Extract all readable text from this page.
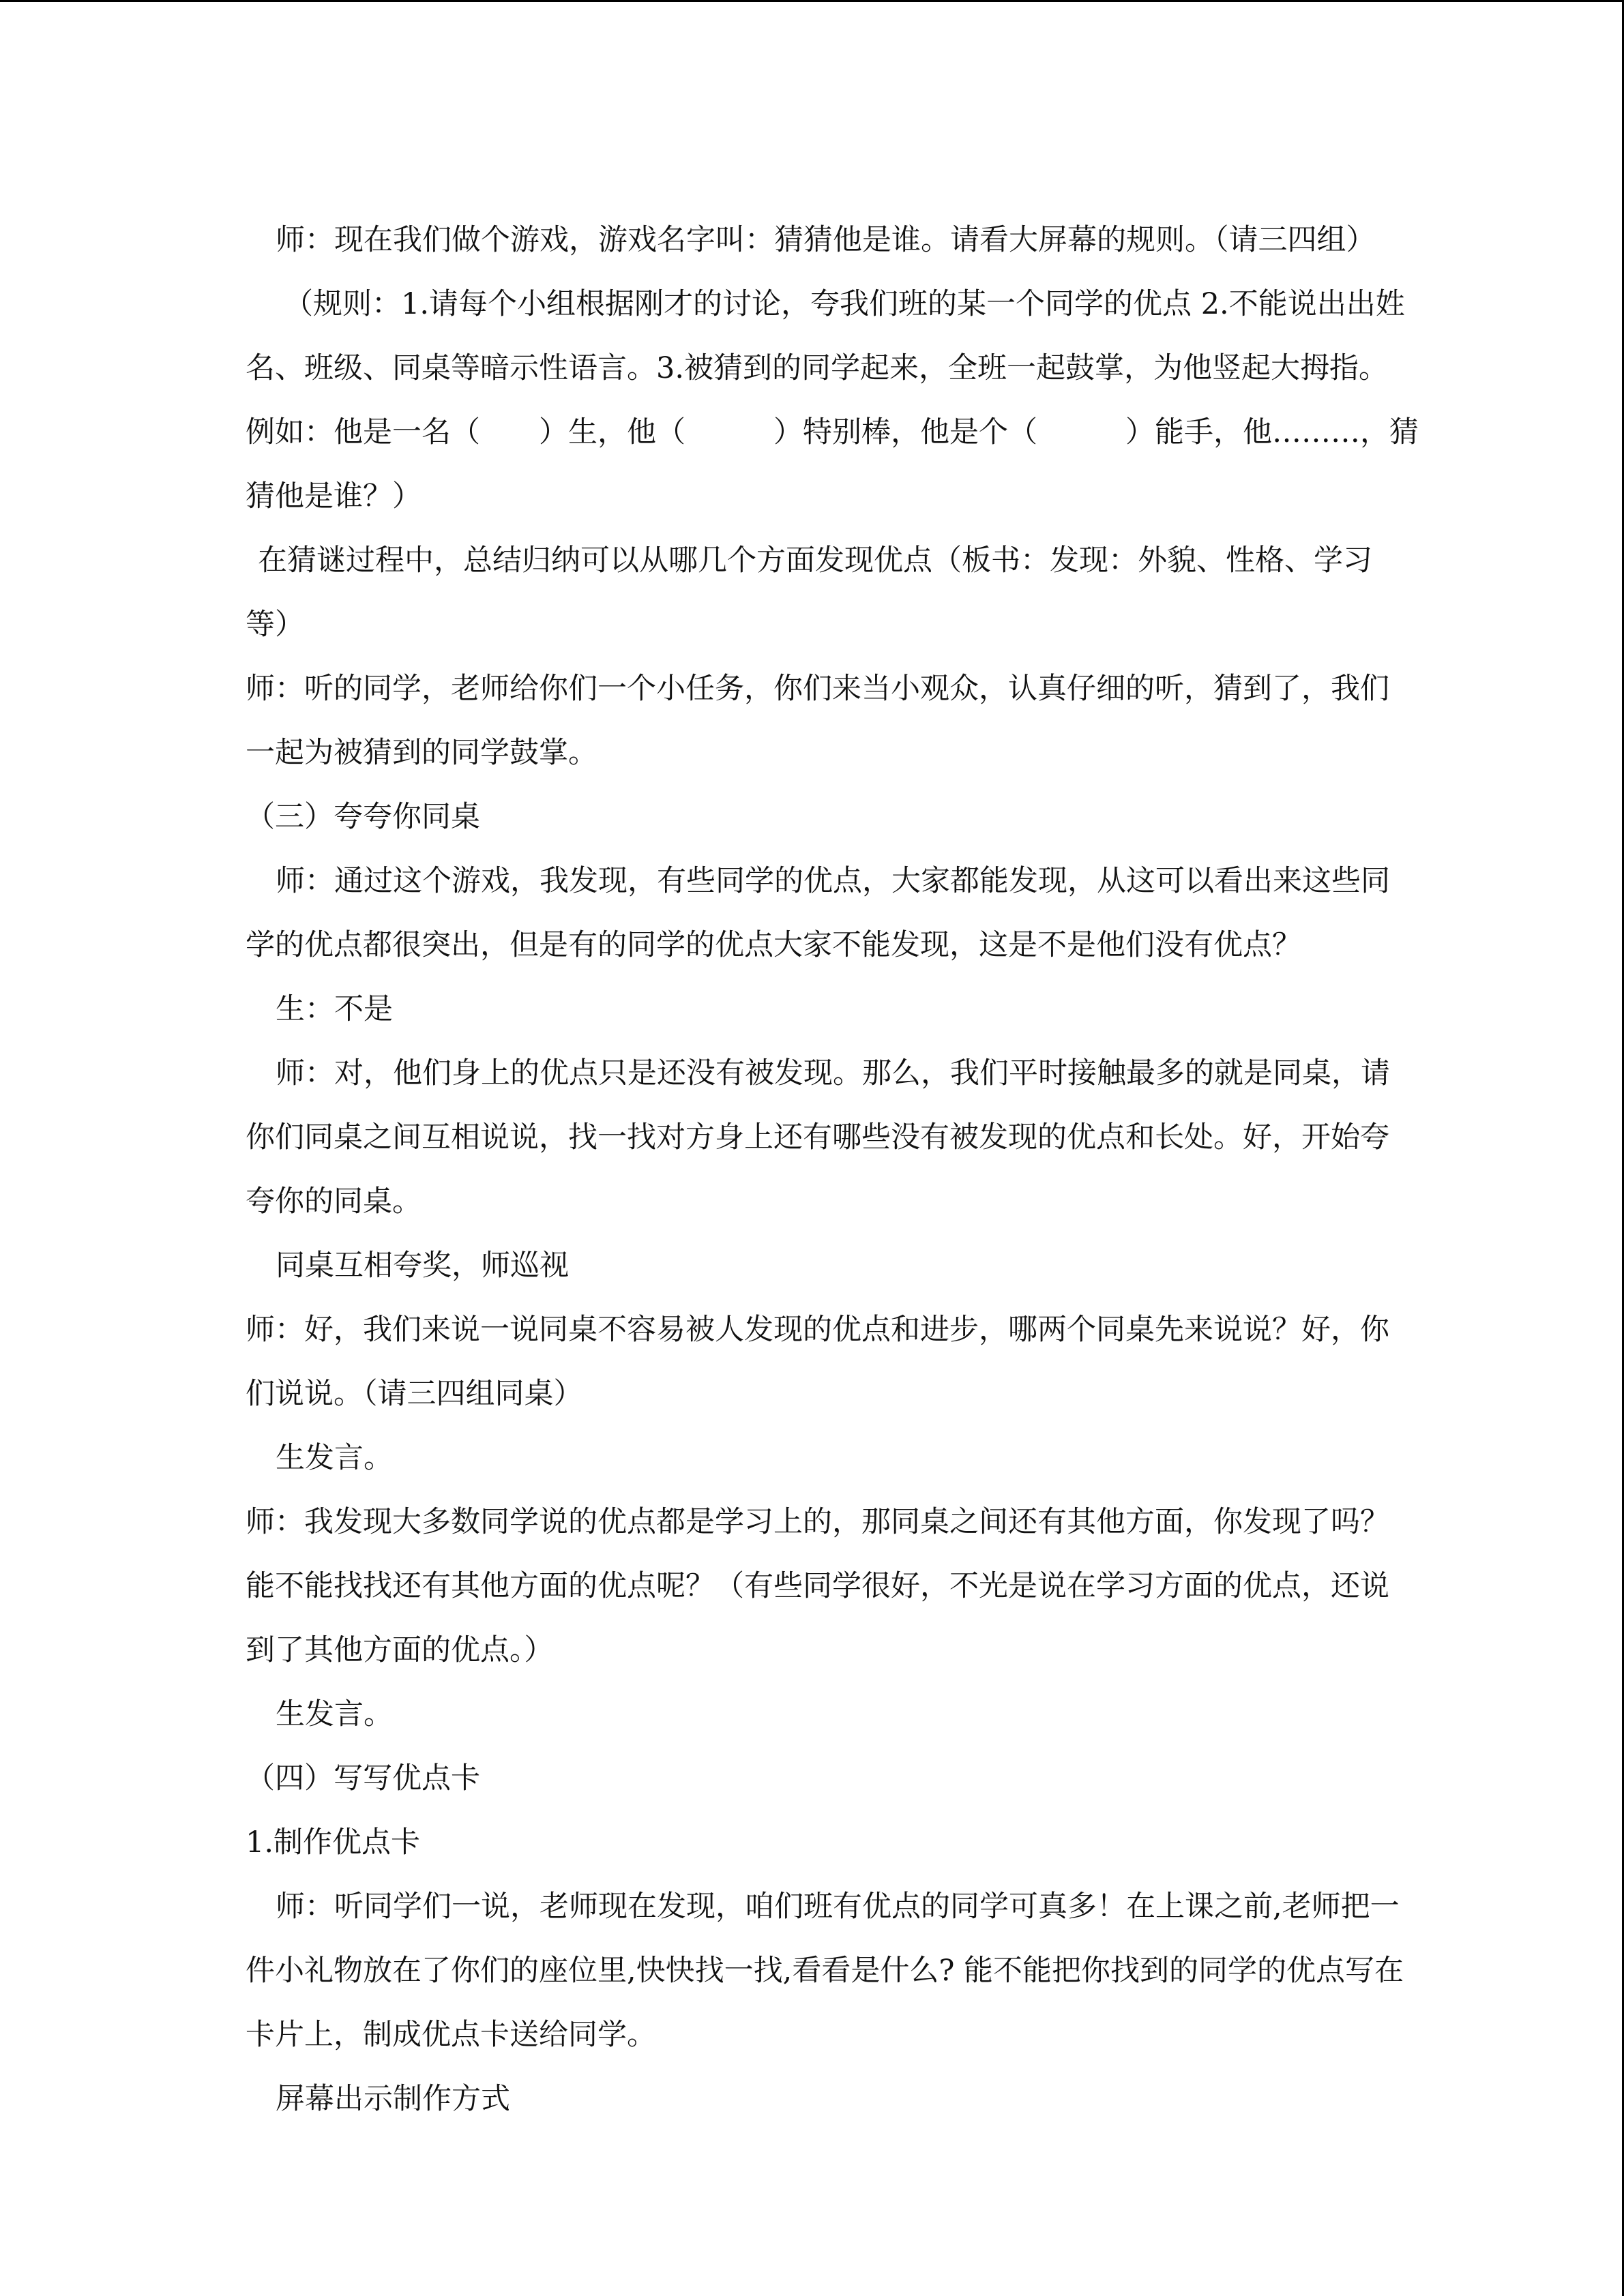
师：现在我们做个游戏，游戏名字叫：猜猜他是谁。请看大屏幕的规则。（请三四组）

（规则：1.请每个小组根据刚才的讨论，夸我们班的某一个同学的优点 2.不能说出出姓

名、班级、同桌等暗示性语言。3.被猜到的同学起来，全班一起鼓掌，为他竖起大拇指。

例如：他是一名（　　）生，他（　　　）特别棒，他是个（　　　）能手，他………，猜

猜他是谁？）

在猜谜过程中，总结归纳可以从哪几个方面发现优点（板书：发现：外貌、性格、学习

等）

师：听的同学，老师给你们一个小任务，你们来当小观众，认真仔细的听，猜到了，我们

一起为被猜到的同学鼓掌。

（三）夸夸你同桌

师：通过这个游戏，我发现，有些同学的优点，大家都能发现，从这可以看出来这些同

学的优点都很突出，但是有的同学的优点大家不能发现，这是不是他们没有优点？

生：不是

师：对，他们身上的优点只是还没有被发现。那么，我们平时接触最多的就是同桌，请

你们同桌之间互相说说，找一找对方身上还有哪些没有被发现的优点和长处。好，开始夸

夸你的同桌。

同桌互相夸奖，师巡视

师：好，我们来说一说同桌不容易被人发现的优点和进步，哪两个同桌先来说说？好，你

们说说。（请三四组同桌）

生发言。

师：我发现大多数同学说的优点都是学习上的，那同桌之间还有其他方面，你发现了吗？

能不能找找还有其他方面的优点呢？（有些同学很好，不光是说在学习方面的优点，还说

到了其他方面的优点。）

生发言。

（四）写写优点卡

1.制作优点卡

师：听同学们一说，老师现在发现，咱们班有优点的同学可真多！在上课之前,老师把一

件小礼物放在了你们的座位里,快快找一找,看看是什么? 能不能把你找到的同学的优点写在

卡片上，制成优点卡送给同学。

屏幕出示制作方式
